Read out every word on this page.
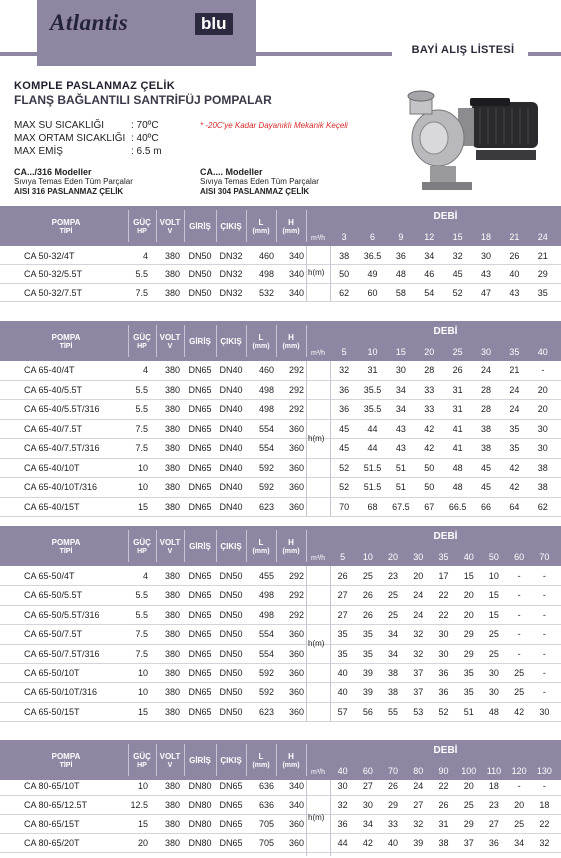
Atlantis	blu
BAYİ ALIŞ LİSTESİ
KOMPLE PASLANMAZ ÇELİK
FLANŞ BAĞLANTILI SANTRİFÜJ POMPALAR
MAX SU SICAKLIĞI	: 70ºC
MAX ORTAM SICAKLIĞI : 40ºC
MAX EMİŞ	: 6.5 m
* -20C'ye Kadar Dayanıklı Mekanik Keçeli
CA.../316 Modeller
Sıvıya Temas Eden Tüm Parçalar
AISI 316 PASLANMAZ ÇELİK
CA.... Modeller
Sıvıya Temas Eden Tüm Parçalar
AISI 304 PASLANMAZ ÇELİK
POMPA
TİPİ
GÜÇ
HP
VOLT
V
GİRİŞ	ÇIKIŞ	L
(mm)
H
(mm)
DEBİ
m³/h	3	6	9	12	15	18	21	24
CA 50-32/4T	4	380 DN50 DN32	460	340	38	36.5	36	34	32	30	26	21
CA 50-32/5.5T	5.5	380 DN50 DN32	498	340	50	49	48	46	45	43	40	29
CA 50-32/7.5T	7.5	380 DN50 DN32	532	340	62	60	58	54	52	47	43	35
h(m)
POMPA
TİPİ
GÜÇ
HP
VOLT
V
GİRİŞ	ÇIKIŞ	L
(mm)
H
(mm)
DEBİ
m³/h	5	10	15	20	25	30	35	40
CA 65-40/4T	4	380 DN65 DN40	460	292	32	31	30	28	26	24	21	-
CA 65-40/5.5T	5.5	380 DN65 DN40	498	292	36	35.5	34	33	31	28	24	20
CA 65-40/5.5T/316	5.5	380 DN65 DN40	498	292	36	35.5	34	33	31	28	24	20
CA 65-40/7.5T	7.5	380 DN65 DN40	554	360	45	44	43	42	41	38	35	30
CA 65-40/7.5T/316	7.5	380 DN65 DN40	554	360	45	44	43	42	41	38	35	30
CA 65-40/10T	10	380 DN65 DN40	592	360	52	51.5	51	50	48	45	42	38
CA 65-40/10T/316	10	380 DN65 DN40	592	360	52	51.5	51	50	48	45	42	38
CA 65-40/15T	15	380 DN65 DN40	623	360	70	68	67.5	67	66.5	66	64	62
h(m)
POMPA
TİPİ
GÜÇ
HP
VOLT
V
GİRİŞ	ÇIKIŞ	L
(mm)
H
(mm)
DEBİ
m³/h	5	10	20	30	35	40	50	60	70
CA 65-50/4T	4	380 DN65 DN50	455	292	26	25	23	20	17	15	10	-	-
CA 65-50/5.5T	5.5	380 DN65 DN50	498	292	27	26	25	24	22	20	15	-	-
CA 65-50/5.5T/316	5.5	380 DN65 DN50	498	292	27	26	25	24	22	20	15	-	-
CA 65-50/7.5T	7.5	380 DN65 DN50	554	360	35	35	34	32	30	29	25	-	-
CA 65-50/7.5T/316	7.5	380 DN65 DN50	554	360	35	35	34	32	30	29	25	-	-
CA 65-50/10T	10	380 DN65 DN50	592	360	40	39	38	37	36	35	30	25	-
CA 65-50/10T/316	10	380 DN65 DN50	592	360	40	39	38	37	36	35	30	25	-
CA 65-50/15T	15	380 DN65 DN50	623	360	57	56	55	53	52	51	48	42	30
h(m)
POMPA
TİPİ
GÜÇ
HP
VOLT
V
GİRİŞ	ÇIKIŞ	L
(mm)
H
(mm)
DEBİ
m³/h	40	60	70	80	90	100	110	120	130
CA 80-65/10T	10	380 DN80 DN65	636	340	30	27	26	24	22	20	18	-	-
CA 80-65/12.5T	12.5	380 DN80 DN65	636	340	32	30	29	27	26	25	23	20	18
CA 80-65/15T	15	380 DN80 DN65	705	360	36	34	33	32	31	29	27	25	22
CA 80-65/20T	20	380 DN80 DN65	705	360	44	42	40	39	38	37	36	34	32
h(m)
